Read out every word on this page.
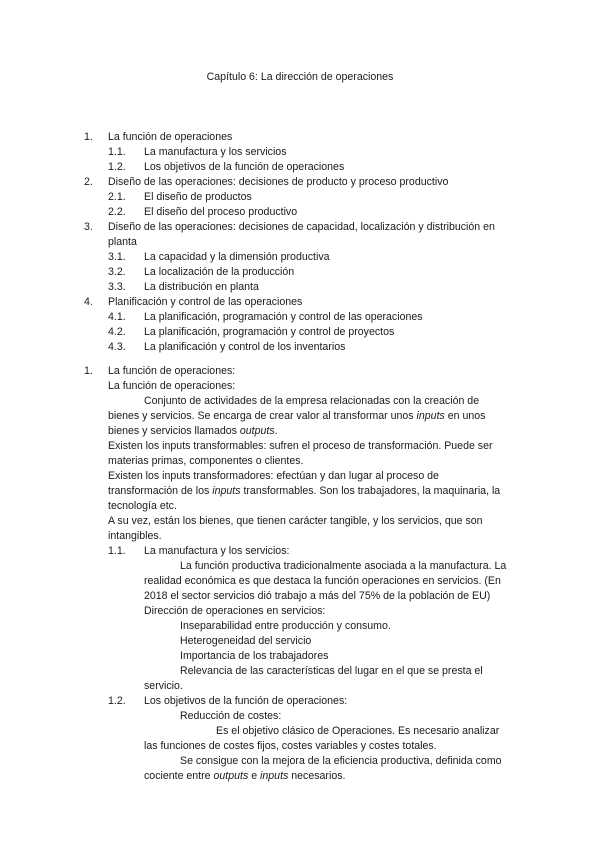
Capítulo 6: La dirección de operaciones
1. La función de operaciones
1.1. La manufactura y los servicios
1.2. Los objetivos de la función de operaciones
2. Diseño de las operaciones: decisiones de producto y proceso productivo
2.1. El diseño de productos
2.2. El diseño del proceso productivo
3. Diseño de las operaciones: decisiones de capacidad, localización y distribución en planta
3.1. La capacidad y la dimensión productiva
3.2. La localización de la producción
3.3. La distribución en planta
4. Planificación y control de las operaciones
4.1. La planificación, programación y control de las operaciones
4.2. La planificación, programación y control de proyectos
4.3. La planificación y control de los inventarios
1. La función de operaciones:
La función de operaciones:
Conjunto de actividades de la empresa relacionadas con la creación de
bienes y servicios. Se encarga de crear valor al transformar unos inputs en unos
bienes y servicios llamados outputs.
Existen los inputs transformables: sufren el proceso de transformación. Puede ser
materias primas, componentes o clientes.
Existen los inputs transformadores: efectúan y dan lugar al proceso de
transformación de los inputs transformables. Son los trabajadores, la maquinaria, la
tecnología etc.
A su vez, están los bienes, que tienen carácter tangible, y los servicios, que son
intangibles.
1.1. La manufactura y los servicios:
La función productiva tradicionalmente asociada a la manufactura. La
realidad económica es que destaca la función operaciones en servicios. (En
2018 el sector servicios dió trabajo a más del 75% de la población de EU)
Dirección de operaciones en servicios:
Inseparabilidad entre producción y consumo.
Heterogeneidad del servicio
Importancia de los trabajadores
Relevancia de las características del lugar en el que se presta el
servicio.
1.2. Los objetivos de la función de operaciones:
Reducción de costes:
Es el objetivo clásico de Operaciones. Es necesario analizar
las funciones de costes fijos, costes variables y costes totales.
Se consigue con la mejora de la eficiencia productiva, definida como
cociente entre outputs e inputs necesarios.
